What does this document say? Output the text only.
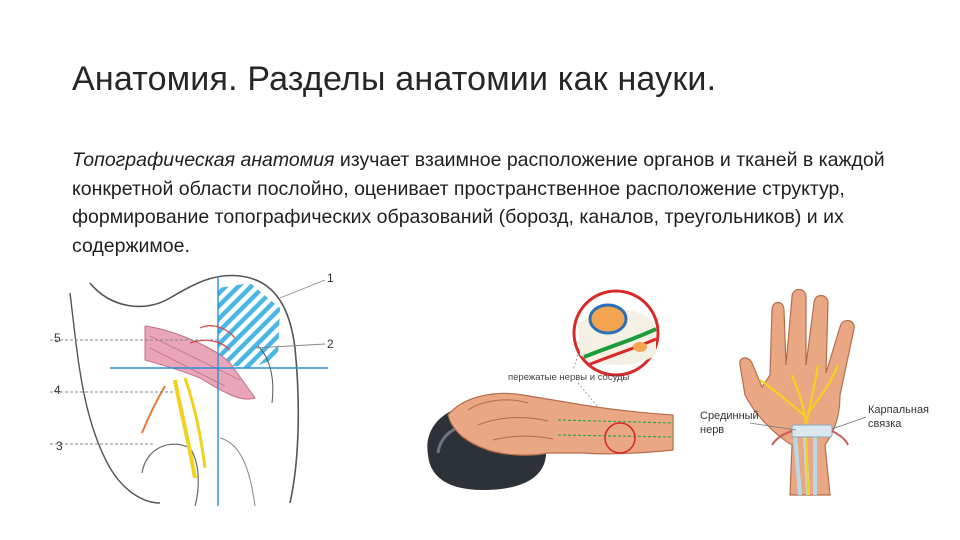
Анатомия. Разделы анатомии как науки.
Топографическая анатомия изучает взаимное расположение органов и тканей в каждой конкретной области послойно, оценивает пространственное расположение структур, формирование топографических образований (борозд, каналов, треугольников) и их содержимое.
1
2
5
4
3
пережатые нервы и сосуды
Срединный
нерв
Карпальная
связка
